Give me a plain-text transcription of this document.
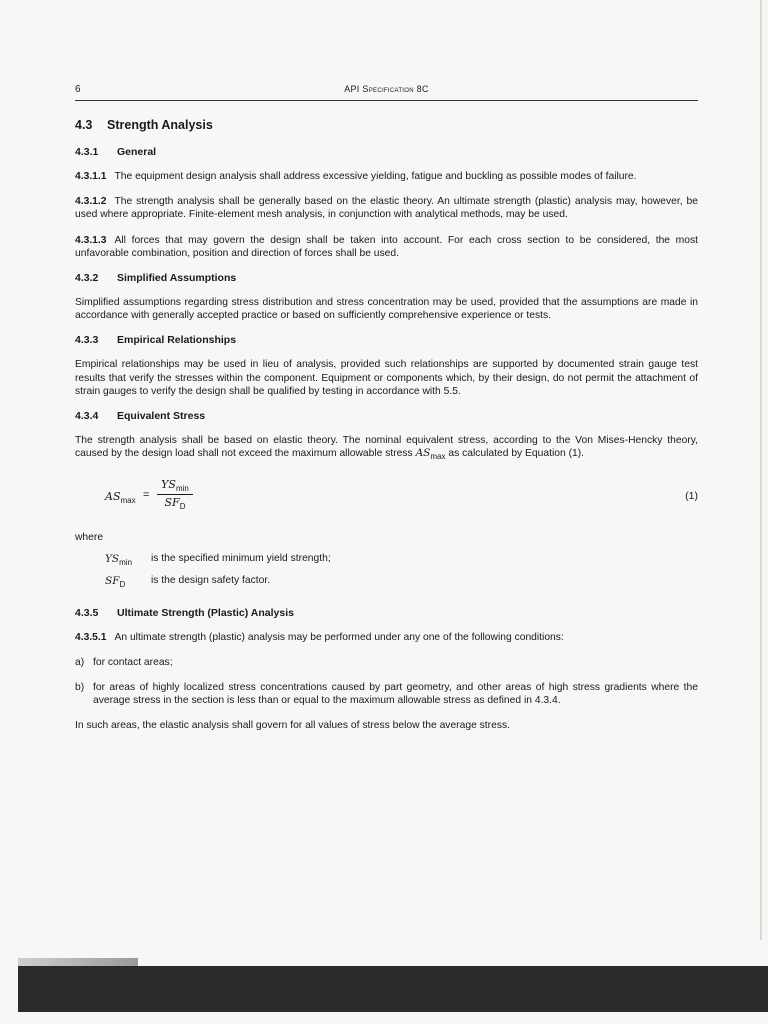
6	API Specification 8C
4.3 Strength Analysis
4.3.1 General

4.3.1.1 The equipment design analysis shall address excessive yielding, fatigue and buckling as possible modes of failure.

4.3.1.2 The strength analysis shall be generally based on the elastic theory. An ultimate strength (plastic) analysis may, however, be used where appropriate. Finite-element mesh analysis, in conjunction with analytical methods, may be used.

4.3.1.3 All forces that may govern the design shall be taken into account. For each cross section to be considered, the most unfavorable combination, position and direction of forces shall be used.

4.3.2 Simplified Assumptions

Simplified assumptions regarding stress distribution and stress concentration may be used, provided that the assumptions are made in accordance with generally accepted practice or based on sufficiently comprehensive experience or tests.

4.3.3 Empirical Relationships

Empirical relationships may be used in lieu of analysis, provided such relationships are supported by documented strain gauge test results that verify the stresses within the component. Equipment or components which, by their design, do not permit the attachment of strain gauges to verify the design shall be qualified by testing in accordance with 5.5.

4.3.4 Equivalent Stress

The strength analysis shall be based on elastic theory. The nominal equivalent stress, according to the Von Mises-Hencky theory, caused by the design load shall not exceed the maximum allowable stress $AS_{max}$ as calculated by Equation (1).

$AS_{max}$ =
$YS_{min}$
$SF_D$
(1)
where
$YS_{min}$ is the specified minimum yield strength;
$SF_D$ is the design safety factor.
4.3.5 Ultimate Strength (Plastic) Analysis

4.3.5.1 An ultimate strength (plastic) analysis may be performed under any one of the following conditions:

a) for contact areas;
b) for areas of highly localized stress concentrations caused by part geometry, and other areas of high stress gradients where the average stress in the section is less than or equal to the maximum allowable stress as defined in 4.3.4.

In such areas, the elastic analysis shall govern for all values of stress below the average stress.
